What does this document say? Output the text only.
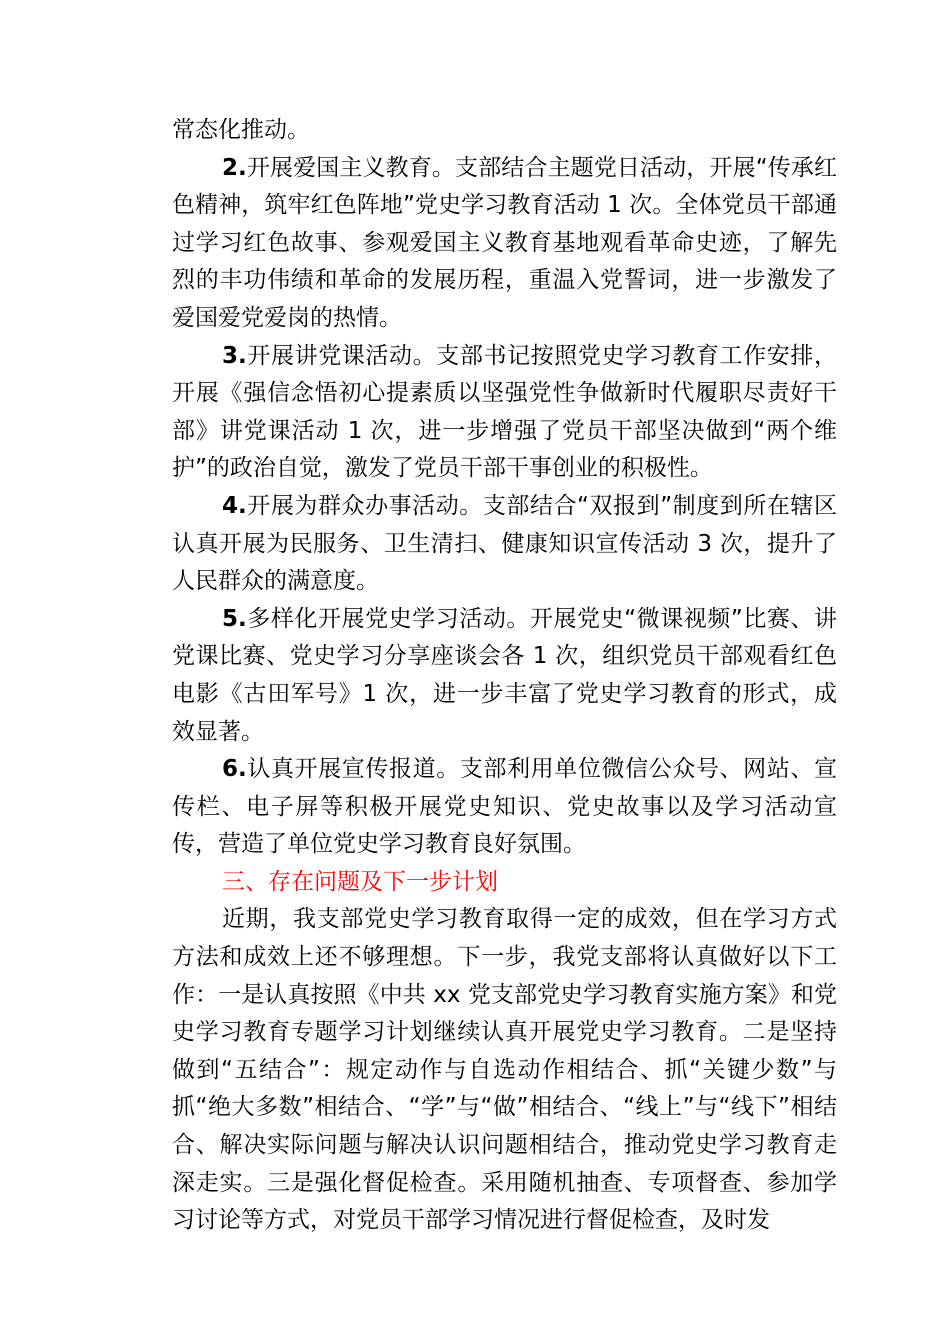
常态化推动。

2.开展爱国主义教育。支部结合主题党日活动，开展“传承红色精神，筑牢红色阵地”党史学习教育活动 1 次。全体党员干部通过学习红色故事、参观爱国主义教育基地观看革命史迹，了解先烈的丰功伟绩和革命的发展历程，重温入党誓词，进一步激发了爱国爱党爱岗的热情。

3.开展讲党课活动。支部书记按照党史学习教育工作安排，开展《强信念悟初心提素质以坚强党性争做新时代履职尽责好干部》讲党课活动 1 次，进一步增强了党员干部坚决做到“两个维护”的政治自觉，激发了党员干部干事创业的积极性。

4.开展为群众办事活动。支部结合“双报到”制度到所在辖区认真开展为民服务、卫生清扫、健康知识宣传活动 3 次，提升了人民群众的满意度。

5.多样化开展党史学习活动。开展党史“微课视频”比赛、讲党课比赛、党史学习分享座谈会各 1 次，组织党员干部观看红色电影《古田军号》1 次，进一步丰富了党史学习教育的形式，成效显著。

6.认真开展宣传报道。支部利用单位微信公众号、网站、宣传栏、电子屏等积极开展党史知识、党史故事以及学习活动宣传，营造了单位党史学习教育良好氛围。

三、存在问题及下一步计划

近期，我支部党史学习教育取得一定的成效，但在学习方式方法和成效上还不够理想。下一步，我党支部将认真做好以下工作：一是认真按照《中共 xx 党支部党史学习教育实施方案》和党史学习教育专题学习计划继续认真开展党史学习教育。二是坚持做到“五结合”：规定动作与自选动作相结合、抓“关键少数”与抓“绝大多数”相结合、“学”与“做”相结合、“线上”与“线下”相结合、解决实际问题与解决认识问题相结合，推动党史学习教育走深走实。三是强化督促检查。采用随机抽查、专项督查、参加学习讨论等方式，对党员干部学习情况进行督促检查，及时发
